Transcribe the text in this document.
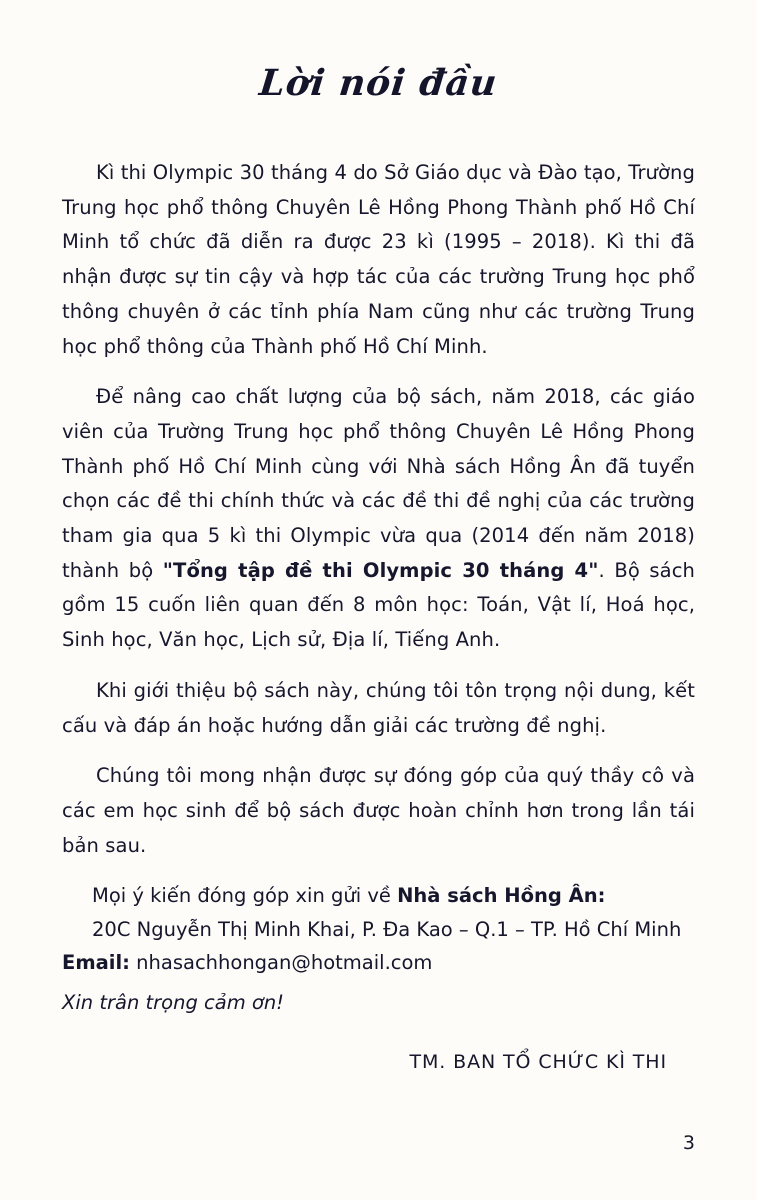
Lời nói đầu

Kì thi Olympic 30 tháng 4 do Sở Giáo dục và Đào tạo, Trường Trung học phổ thông Chuyên Lê Hồng Phong Thành phố Hồ Chí Minh tổ chức đã diễn ra được 23 kì (1995 – 2018). Kì thi đã nhận được sự tin cậy và hợp tác của các trường Trung học phổ thông chuyên ở các tỉnh phía Nam cũng như các trường Trung học phổ thông của Thành phố Hồ Chí Minh.

Để nâng cao chất lượng của bộ sách, năm 2018, các giáo viên của Trường Trung học phổ thông Chuyên Lê Hồng Phong Thành phố Hồ Chí Minh cùng với Nhà sách Hồng Ân đã tuyển chọn các đề thi chính thức và các đề thi đề nghị của các trường tham gia qua 5 kì thi Olympic vừa qua (2014 đến năm 2018) thành bộ "Tổng tập đề thi Olympic 30 tháng 4". Bộ sách gồm 15 cuốn liên quan đến 8 môn học: Toán, Vật lí, Hoá học, Sinh học, Văn học, Lịch sử, Địa lí, Tiếng Anh.

Khi giới thiệu bộ sách này, chúng tôi tôn trọng nội dung, kết cấu và đáp án hoặc hướng dẫn giải các trường đề nghị.

Chúng tôi mong nhận được sự đóng góp của quý thầy cô và các em học sinh để bộ sách được hoàn chỉnh hơn trong lần tái bản sau.

Mọi ý kiến đóng góp xin gửi về Nhà sách Hồng Ân:

20C Nguyễn Thị Minh Khai, P. Đa Kao – Q.1 – TP. Hồ Chí Minh

Email: nhasachhongan@hotmail.com

Xin trân trọng cảm ơn!

TM. BAN TỔ CHỨC KÌ THI
3
